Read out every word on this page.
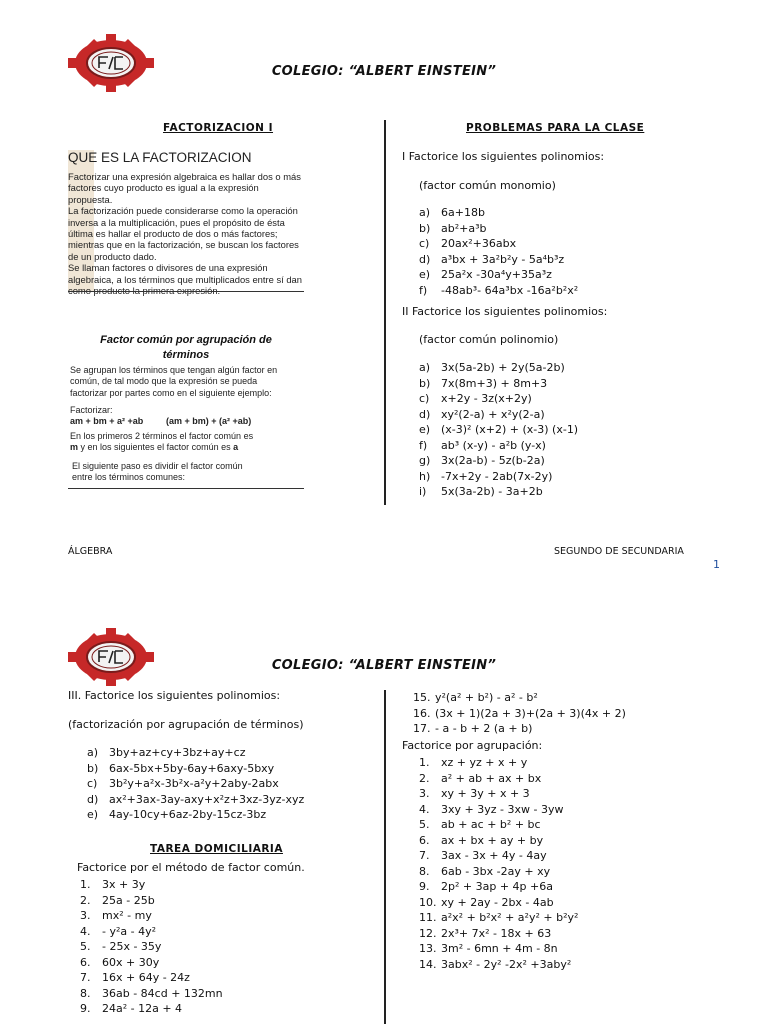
COLEGIO: “ALBERT EINSTEIN”
FACTORIZACION I	PROBLEMAS PARA LA CLASE
QUE ES LA FACTORIZACION
Factorizar una expresión algebraica es hallar dos o más
factores cuyo producto es igual a la expresión
propuesta.
La factorización puede considerarse como la operación
inversa a la multiplicación, pues el propósito de ésta
última es hallar el producto de dos o más factores;
mientras que en la factorización, se buscan los factores
de un producto dado.
Se llaman factores o divisores de una expresión
algebraica, a los términos que multiplicados entre sí dan
Factor común por agrupación de
términos
Se agrupan los términos que tengan algún factor en
común, de tal modo que la expresión se pueda
factorizar por partes como en el siguiente ejemplo:
Factorizar:
am + bm + a² +ab	(am + bm) + (a² +ab)
En los primeros 2 términos el factor común es
m y en los siguientes el factor común es a
El siguiente paso es dividir el factor común
entre los términos comunes:
I Factorice los siguientes polinomios:
(factor común monomio)
a) 6a+18b
b) ab²+a³b
c) 20ax²+36abx
d) a³bx + 3a²b²y - 5a⁴b³z
e) 25a²x -30a⁴y+35a³z
f) -48ab³- 64a³bx -16a²b²x²
II Factorice los siguientes polinomios:
(factor común polinomio)
a) 3x(5a-2b) + 2y(5a-2b)
b) 7x(8m+3) + 8m+3
c) x+2y - 3z(x+2y)
d) xy²(2-a) + x²y(2-a)
e) (x-3)² (x+2) + (x-3) (x-1)
f) ab³ (x-y) - a²b (y-x)
g) 3x(2a-b) - 5z(b-2a)
h) -7x+2y - 2ab(7x-2y)
i) 5x(3a-2b) - 3a+2b
ÁLGEBRA	SEGUNDO DE SECUNDARIA
1
COLEGIO: “ALBERT EINSTEIN”
III. Factorice los siguientes polinomios:
(factorización por agrupación de términos)
a) 3by+az+cy+3bz+ay+cz
b) 6ax-5bx+5by-6ay+6axy-5bxy
c) 3b²y+a²x-3b²x-a²y+2aby-2abx
d) ax²+3ax-3ay-axy+x²z+3xz-3yz-xyz
e) 4ay-10cy+6az-2by-15cz-3bz
TAREA DOMICILIARIA
Factorice por el método de factor común.
1. 3x + 3y
2. 25a - 25b
3. mx² - my
4. - y²a - 4y²
5. - 25x - 35y
6. 60x + 30y
7. 16x + 64y - 24z
8. 36ab - 84cd + 132mn
9. 24a² - 12a + 4
15. y²(a² + b²) - a² - b²
16. (3x + 1)(2a + 3)+(2a + 3)(4x + 2)
17. - a - b + 2 (a + b)
Factorice por agrupación:
1. xz + yz + x + y
2. a² + ab + ax + bx
3. xy + 3y + x + 3
4. 3xy + 3yz - 3xw - 3yw
5. ab + ac + b² + bc
6. ax + bx + ay + by
7. 3ax - 3x + 4y - 4ay
8. 6ab - 3bx -2ay + xy
9. 2p² + 3ap + 4p +6a
10. xy + 2ay - 2bx - 4ab
11. a²x² + b²x² + a²y² + b²y²
12. 2x³+ 7x² - 18x + 63
13. 3m² - 6mn + 4m - 8n
14. 3abx² - 2y² -2x² +3aby²
